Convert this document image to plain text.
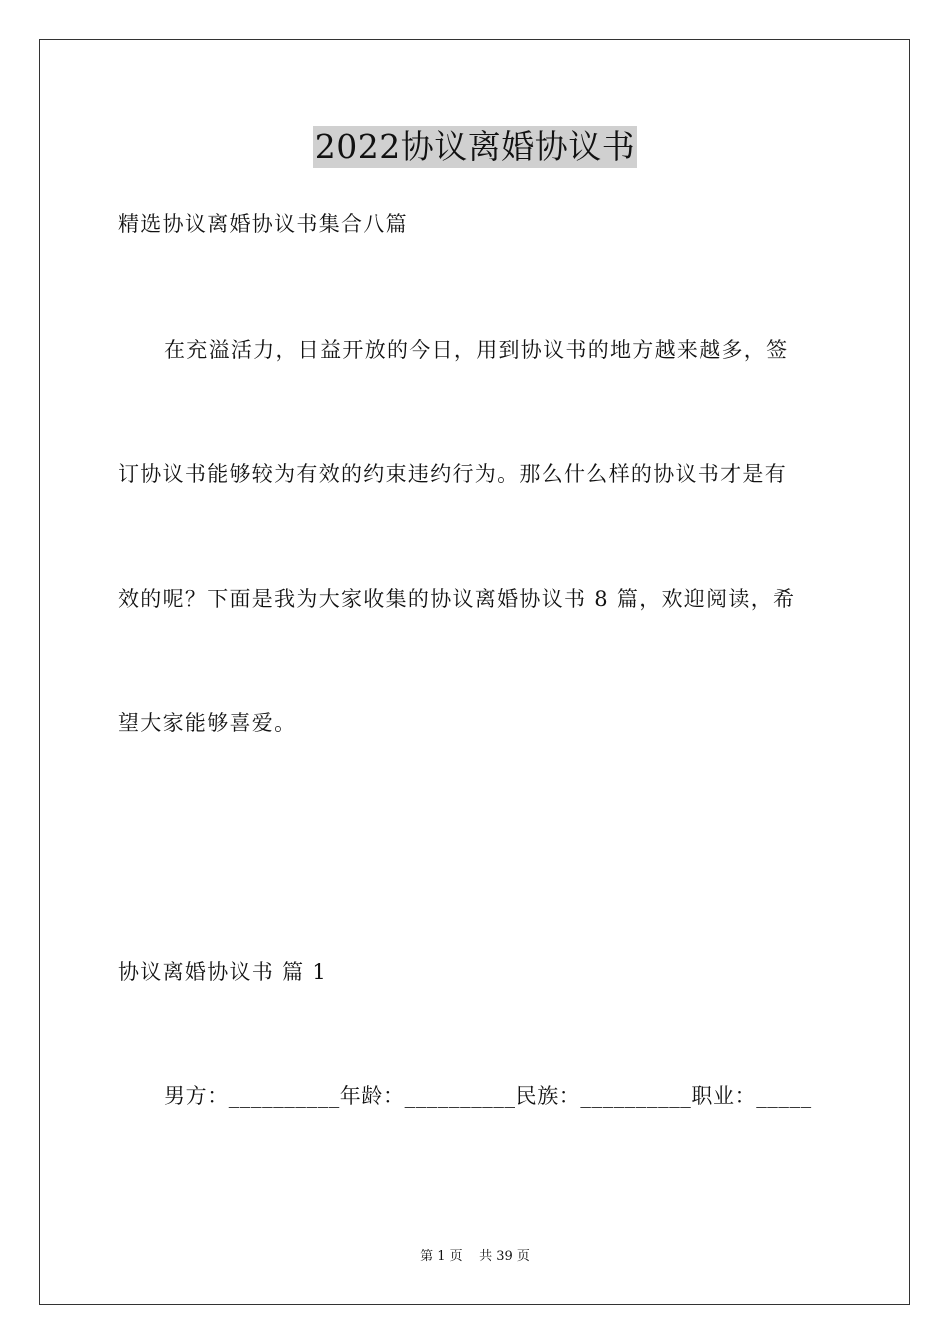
2022协议离婚协议书
精选协议离婚协议书集合八篇
在充溢活力，日益开放的今日，用到协议书的地方越来越多，签
订协议书能够较为有效的约束违约行为。那么什么样的协议书才是有
效的呢？下面是我为大家收集的协议离婚协议书 8 篇，欢迎阅读，希
望大家能够喜爱。
协议离婚协议书 篇 1
男方：__________年龄：__________民族：__________职业：_____
第 1 页    共 39 页
